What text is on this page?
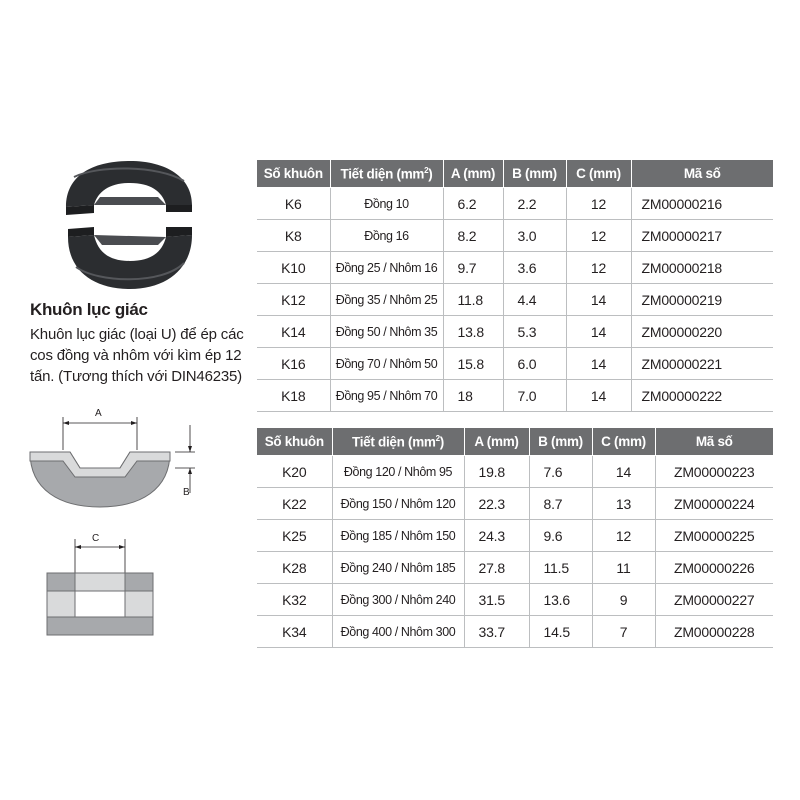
Khuôn lục giác
Khuôn lục giác (loại U) để ép các cos đồng và nhôm với kìm ép 12 tấn. (Tương thích với DIN46235)
A
B
C
Số khuôn	Tiết diện $(mm^2)$	A (mm)	B (mm)	C (mm)	Mã số
K6	Đồng 10	6.2	2.2	12	ZM00000216
K8	Đồng 16	8.2	3.0	12	ZM00000217
K10	Đồng 25 / Nhôm 16	9.7	3.6	12	ZM00000218
K12	Đồng 35 / Nhôm 25	11.8	4.4	14	ZM00000219
K14	Đồng 50 / Nhôm 35	13.8	5.3	14	ZM00000220
K16	Đồng 70 / Nhôm 50	15.8	6.0	14	ZM00000221
K18	Đồng 95 / Nhôm 70	18	7.0	14	ZM00000222
Số khuôn	Tiết diện $(mm^2)$	A (mm)	B (mm)	C (mm)	Mã số
K20	Đồng 120 / Nhôm 95	19.8	7.6	14	ZM00000223
K22	Đồng 150 / Nhôm 120	22.3	8.7	13	ZM00000224
K25	Đồng 185 / Nhôm 150	24.3	9.6	12	ZM00000225
K28	Đồng 240 / Nhôm 185	27.8	11.5	11	ZM00000226
K32	Đồng 300 / Nhôm 240	31.5	13.6	9	ZM00000227
K34	Đồng 400 / Nhôm 300	33.7	14.5	7	ZM00000228
